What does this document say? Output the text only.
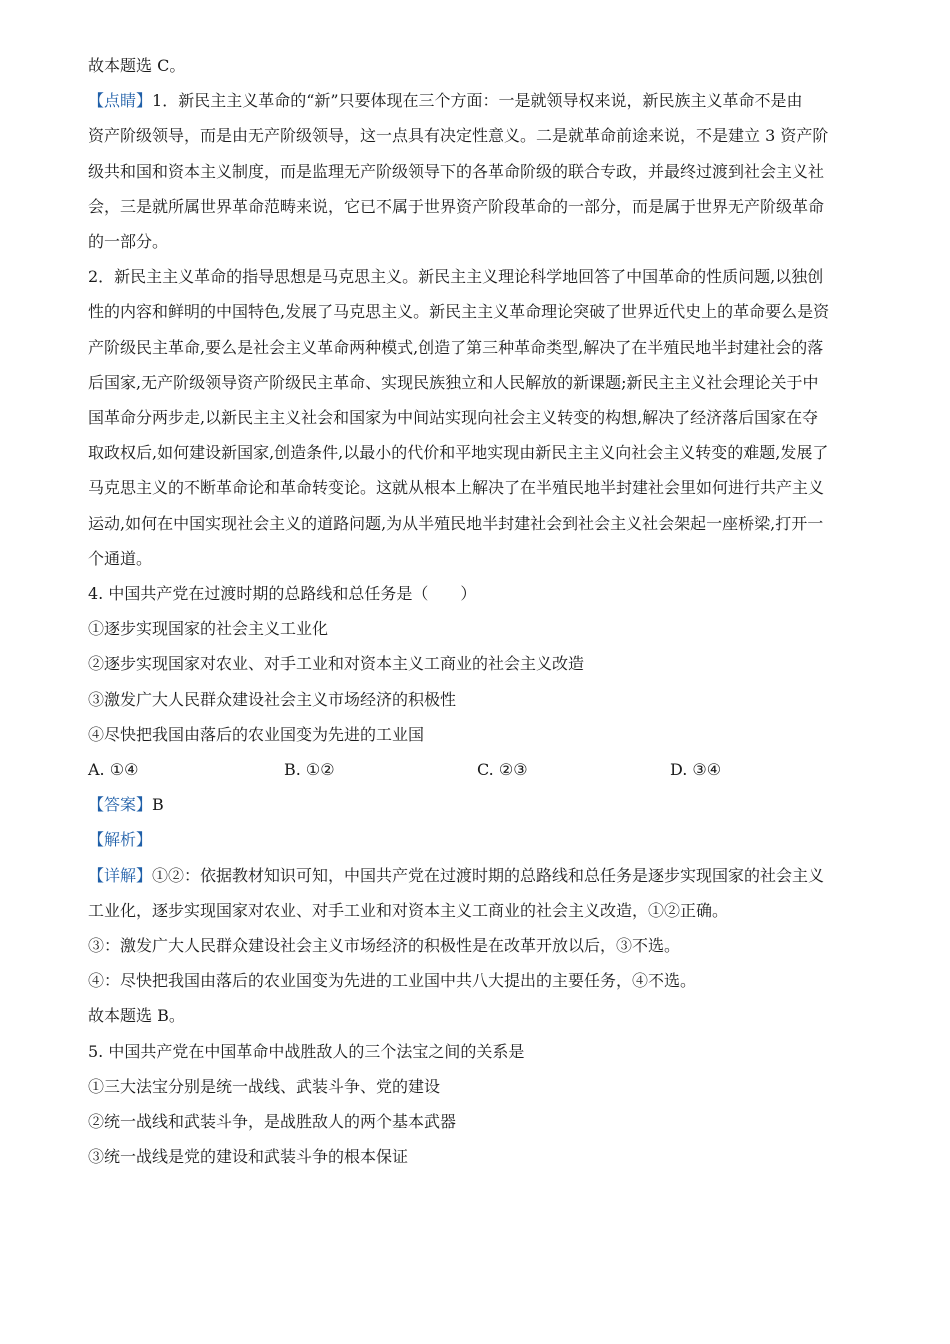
故本题选 C。
【点睛】1．新民主主义革命的“新”只要体现在三个方面：一是就领导权来说，新民族主义革命不是由
资产阶级领导，而是由无产阶级领导，这一点具有决定性意义。二是就革命前途来说，不是建立 3 资产阶
级共和国和资本主义制度，而是监理无产阶级领导下的各革命阶级的联合专政，并最终过渡到社会主义社
会，三是就所属世界革命范畴来说，它已不属于世界资产阶段革命的一部分，而是属于世界无产阶级革命
的一部分。
2．新民主主义革命的指导思想是马克思主义。新民主主义理论科学地回答了中国革命的性质问题,以独创
性的内容和鲜明的中国特色,发展了马克思主义。新民主主义革命理论突破了世界近代史上的革命要么是资
产阶级民主革命,要么是社会主义革命两种模式,创造了第三种革命类型,解决了在半殖民地半封建社会的落
后国家,无产阶级领导资产阶级民主革命、实现民族独立和人民解放的新课题;新民主主义社会理论关于中
国革命分两步走,以新民主主义社会和国家为中间站实现向社会主义转变的构想,解决了经济落后国家在夺
取政权后,如何建设新国家,创造条件,以最小的代价和平地实现由新民主主义向社会主义转变的难题,发展了
马克思主义的不断革命论和革命转变论。这就从根本上解决了在半殖民地半封建社会里如何进行共产主义
运动,如何在中国实现社会主义的道路问题,为从半殖民地半封建社会到社会主义社会架起一座桥梁,打开一
个通道。
4. 中国共产党在过渡时期的总路线和总任务是（　　）
①逐步实现国家的社会主义工业化
②逐步实现国家对农业、对手工业和对资本主义工商业的社会主义改造
③激发广大人民群众建设社会主义市场经济的积极性
④尽快把我国由落后的农业国变为先进的工业国
A. ①④	B. ①②	C. ②③	D. ③④
【答案】B
【解析】
【详解】①②：依据教材知识可知，中国共产党在过渡时期的总路线和总任务是逐步实现国家的社会主义
工业化，逐步实现国家对农业、对手工业和对资本主义工商业的社会主义改造，①②正确。
③：激发广大人民群众建设社会主义市场经济的积极性是在改革开放以后，③不选。
④：尽快把我国由落后的农业国变为先进的工业国中共八大提出的主要任务，④不选。
故本题选 B。
5. 中国共产党在中国革命中战胜敌人的三个法宝之间的关系是
①三大法宝分别是统一战线、武装斗争、党的建设
②统一战线和武装斗争，是战胜敌人的两个基本武器
③统一战线是党的建设和武装斗争的根本保证
